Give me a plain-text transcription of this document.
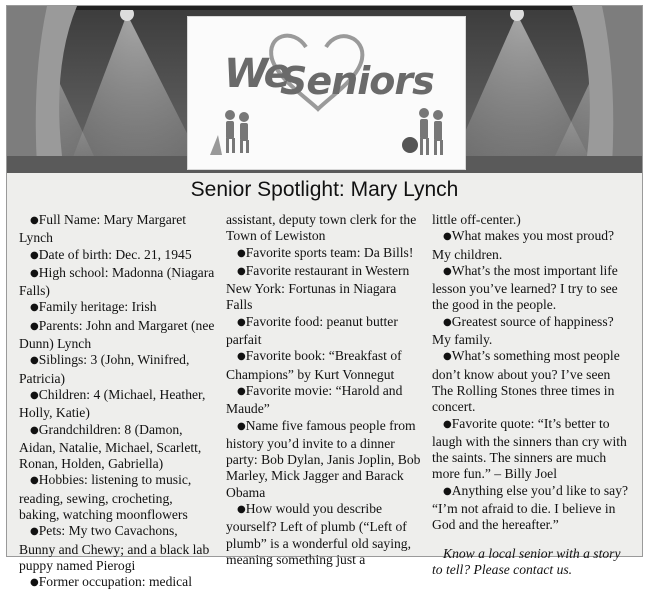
We
Seniors
Senior Spotlight: Mary Lynch

●Full Name: Mary Margaret Lynch

●Date of birth: Dec. 21, 1945

●High school: Madonna (Niagara Falls)

●Family heritage: Irish

●Parents: John and Margaret (nee Dunn) Lynch

●Siblings: 3 (John, Winifred, Patricia)

●Children: 4 (Michael, Heather, Holly, Katie)

●Grandchildren: 8 (Damon, Aidan, Natalie, Michael, Scarlett, Ronan, Holden, Gabriella)

●Hobbies: listening to music, reading, sewing, crocheting, baking, watching moonflowers

●Pets: My two Cavachons, Bunny and Chewy; and a black lab puppy named Pierogi

●Former occupation: medical

assistant, deputy town clerk for the Town of Lewiston

●Favorite sports team: Da Bills!

●Favorite restaurant in Western New York: Fortunas in Niagara Falls

●Favorite food: peanut butter parfait

●Favorite book: “Breakfast of Champions” by Kurt Vonnegut

●Favorite movie: “Harold and Maude”

●Name five famous people from history you’d invite to a dinner party: Bob Dylan, Janis Joplin, Bob Marley, Mick Jagger and Barack Obama

●How would you describe yourself? Left of plumb (“Left of plumb” is a wonderful old saying, meaning something just a

little off-center.)

●What makes you most proud? My children.

●What’s the most important life lesson you’ve learned? I try to see the good in the people.

●Greatest source of happiness? My family.

●What’s something most people don’t know about you? I’ve seen The Rolling Stones three times in concert.

●Favorite quote: “It’s better to laugh with the sinners than cry with the saints. The sinners are much more fun.” – Billy Joel

●Anything else you’d like to say? “I’m not afraid to die. I believe in God and the hereafter.”

Know a local senior with a story to tell? Please contact us.
